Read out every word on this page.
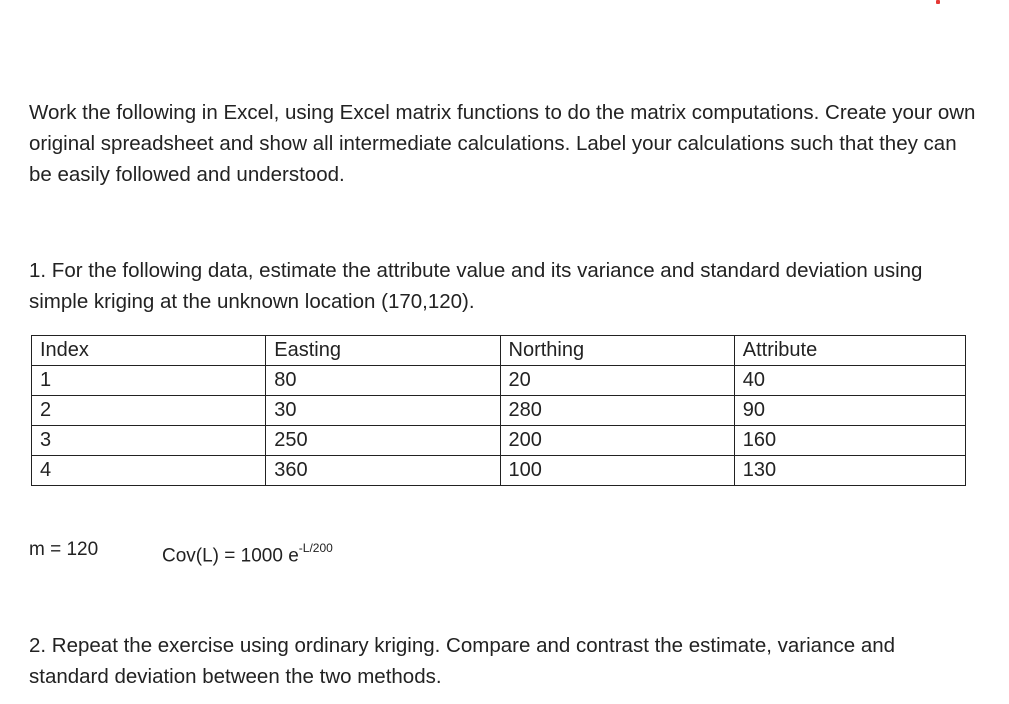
Work the following in Excel, using Excel matrix functions to do the matrix computations. Create your own original spreadsheet and show all intermediate calculations. Label your calculations such that they can be easily followed and understood.

1. For the following data, estimate the attribute value and its variance and standard deviation using simple kriging at the unknown location (170,120).

Index	Easting	Northing	Attribute
1	80	20	40
2	30	280	90
3	250	200	160
4	360	100	130
m = 120	Cov(L) = 1000 $e^{-L/200}$

2. Repeat the exercise using ordinary kriging. Compare and contrast the estimate, variance and standard deviation between the two methods.
